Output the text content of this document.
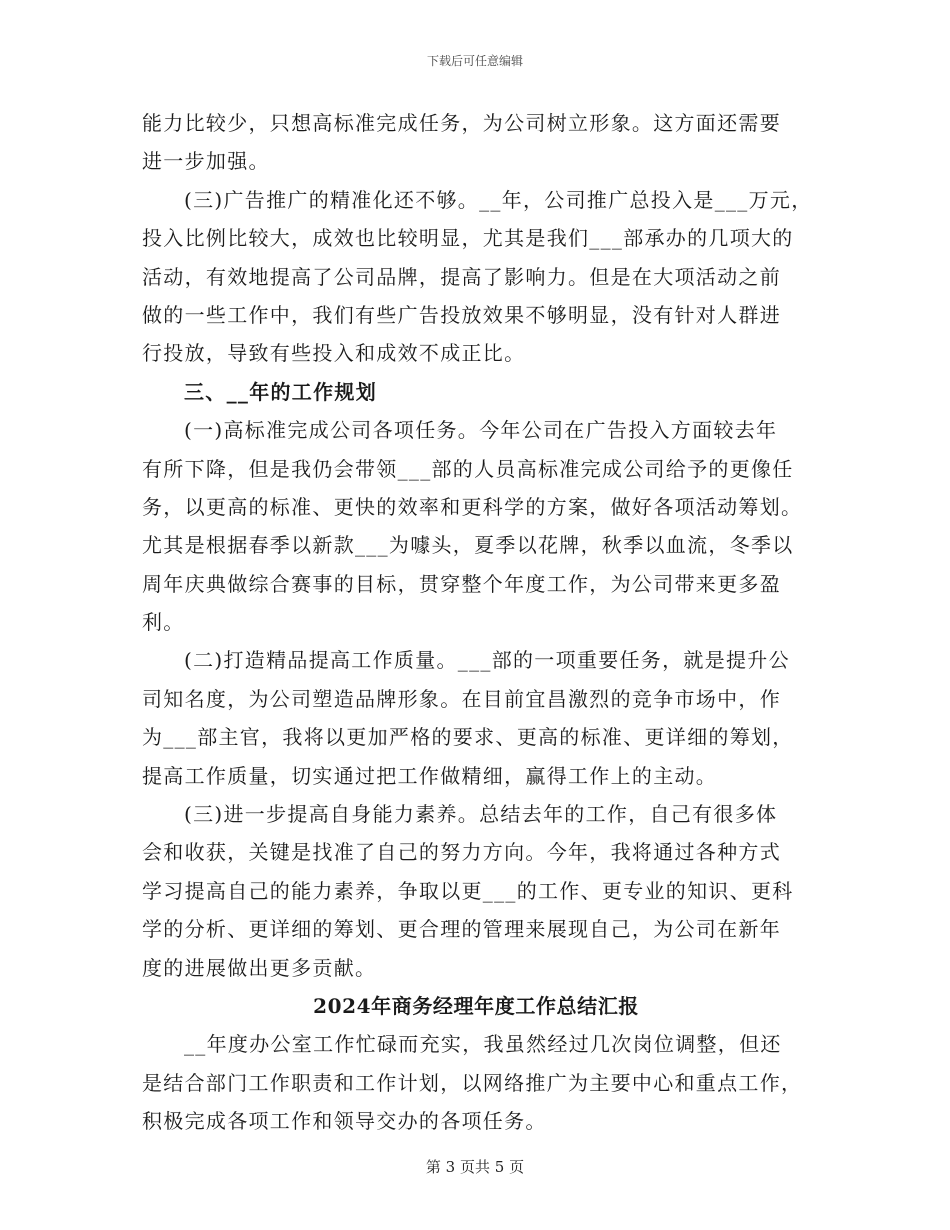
下载后可任意编辑
能力比较少，只想高标准完成任务，为公司树立形象。这方面还需要
进一步加强。
(三)广告推广的精准化还不够。__年，公司推广总投入是___万元，
投入比例比较大，成效也比较明显，尤其是我们___部承办的几项大的
活动，有效地提高了公司品牌，提高了影响力。但是在大项活动之前
做的一些工作中，我们有些广告投放效果不够明显，没有针对人群进
行投放，导致有些投入和成效不成正比。
三、__年的工作规划
(一)高标准完成公司各项任务。今年公司在广告投入方面较去年
有所下降，但是我仍会带领___部的人员高标准完成公司给予的更像任
务，以更高的标准、更快的效率和更科学的方案，做好各项活动筹划。
尤其是根据春季以新款___为噱头，夏季以花牌，秋季以血流，冬季以
周年庆典做综合赛事的目标，贯穿整个年度工作，为公司带来更多盈
利。
(二)打造精品提高工作质量。___部的一项重要任务，就是提升公
司知名度，为公司塑造品牌形象。在目前宜昌激烈的竞争市场中，作
为___部主官，我将以更加严格的要求、更高的标准、更详细的筹划，
提高工作质量，切实通过把工作做精细，赢得工作上的主动。
(三)进一步提高自身能力素养。总结去年的工作，自己有很多体
会和收获，关键是找准了自己的努力方向。今年，我将通过各种方式
学习提高自己的能力素养，争取以更___的工作、更专业的知识、更科
学的分析、更详细的筹划、更合理的管理来展现自己，为公司在新年
度的进展做出更多贡献。
2024年商务经理年度工作总结汇报
__年度办公室工作忙碌而充实，我虽然经过几次岗位调整，但还
是结合部门工作职责和工作计划，以网络推广为主要中心和重点工作，
积极完成各项工作和领导交办的各项任务。
第 3 页共 5 页
